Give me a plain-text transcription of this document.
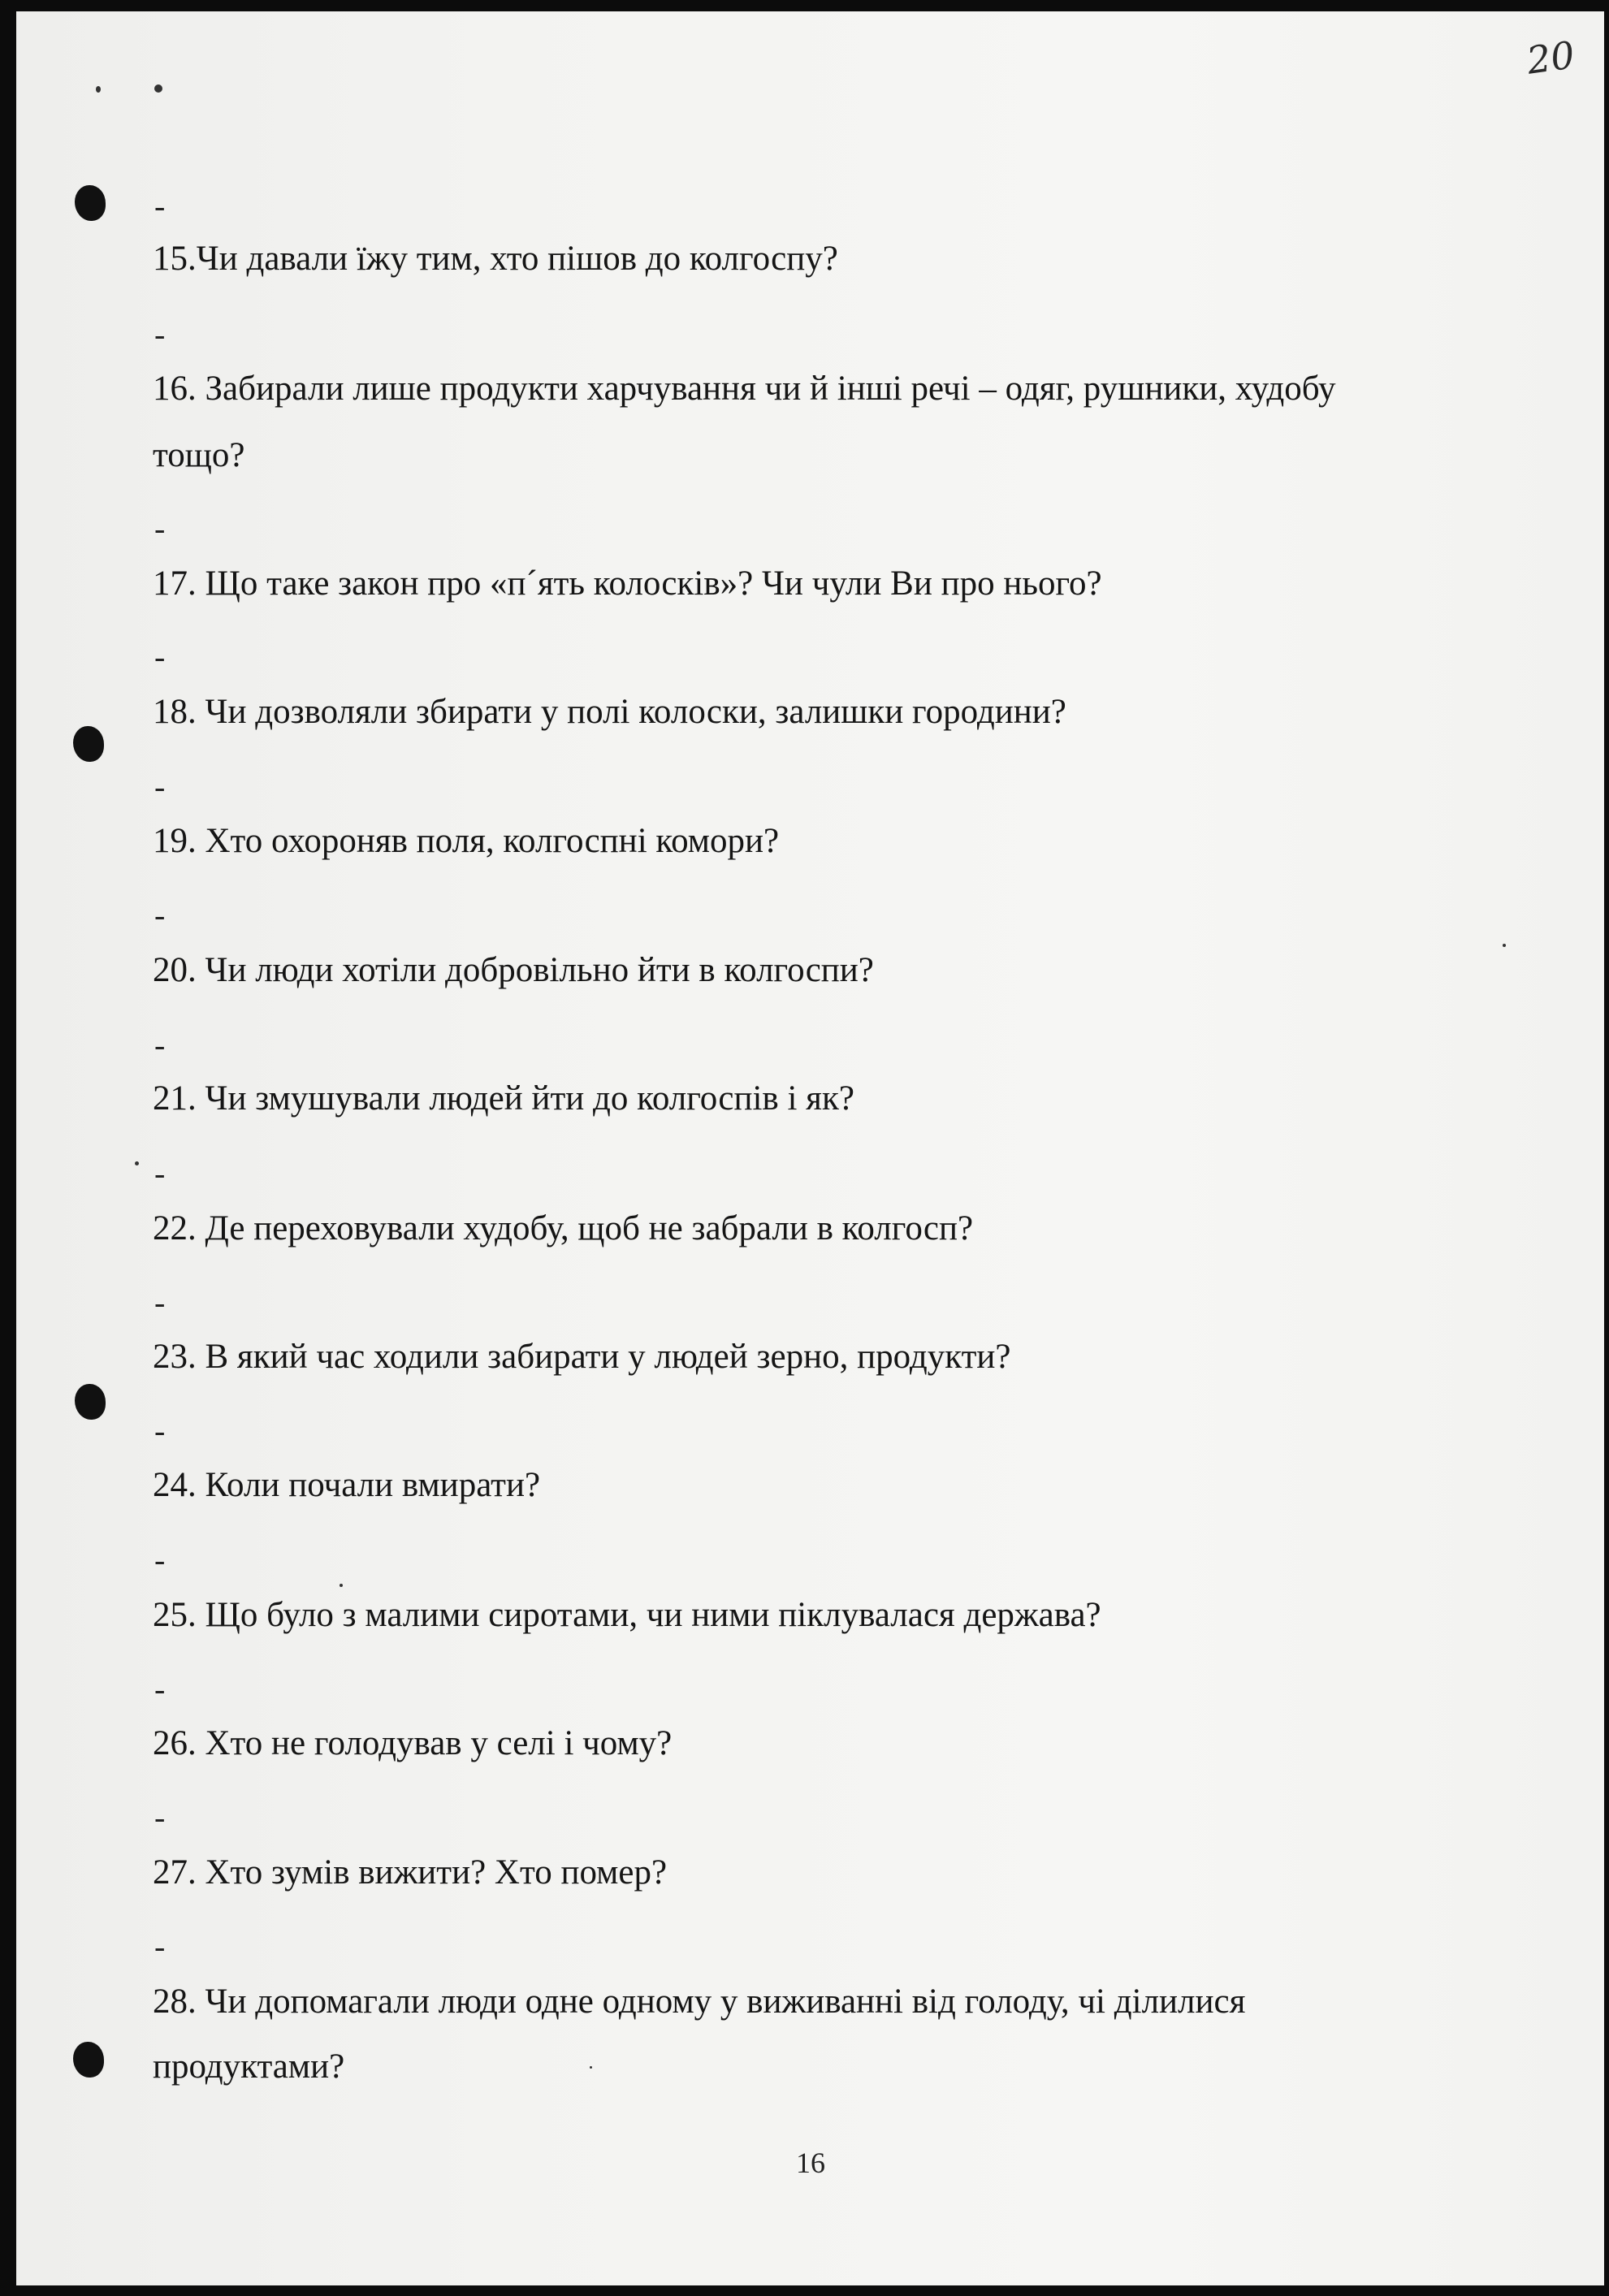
20
-
15.Чи давали їжу тим, хто пішов до колгоспу?
-
16. Забирали лише продукти харчування чи й інші речі – одяг, рушники, худобу
тощо?
-
17. Що таке закон про «п´ять колосків»? Чи чули Ви про нього?
-
18. Чи дозволяли збирати у полі колоски, залишки городини?
-
19. Хто охороняв поля, колгоспні комори?
-
20. Чи люди хотіли добровільно йти в колгоспи?
-
21. Чи змушували людей йти до колгоспів і як?
-
22. Де переховували худобу, щоб не забрали в колгосп?
-
23. В який час ходили забирати у людей зерно, продукти?
-
24. Коли почали вмирати?
-
25. Що було з малими сиротами, чи ними піклувалася держава?
-
26. Хто не голодував у селі і чому?
-
27. Хто зумів вижити? Хто помер?
-
28. Чи допомагали люди одне одному у виживанні від голоду, чі ділилися
продуктами?
16
